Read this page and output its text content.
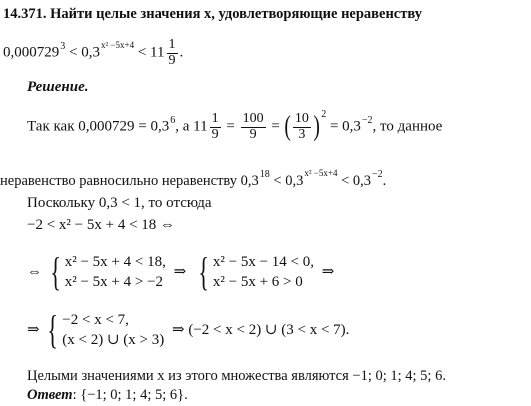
14.371. Найти целые значения x, удовлетворяющие неравенству
$0,000729^3 < 0,3^{x^2 -5x+4} < 11 \frac{1}{9}$ .
Решение.
Так как $0,000729 = 0,3^6$, а $11 \frac{1}{9} = \frac{100}{9}$ = ( $\frac{10}{3} )^2 = 0,3^{-2}$, то данное
неравенство равносильно неравенству $0,3^{18} < 0,3^{x^2 -5x+4} < 0,3^{-2}$.
Поскольку 0,3 < 1, то отсюда
−2 < x² − 5x + 4 < 18 ⇔
⇔ { x² − 5x + 4 < 18,
x² − 5x + 4 > −2
⇒ { x² − 5x − 14 < 0,
x² − 5x + 6 > 0
⇒
⇒ { −2 < x < 7,
(x < 2) ∪ (x > 3)
⇒ (−2 < x < 2) ∪ (3 < x < 7).
Целыми значениями x из этого множества являются −1; 0; 1; 4; 5; 6.
Ответ: {−1; 0; 1; 4; 5; 6}.
